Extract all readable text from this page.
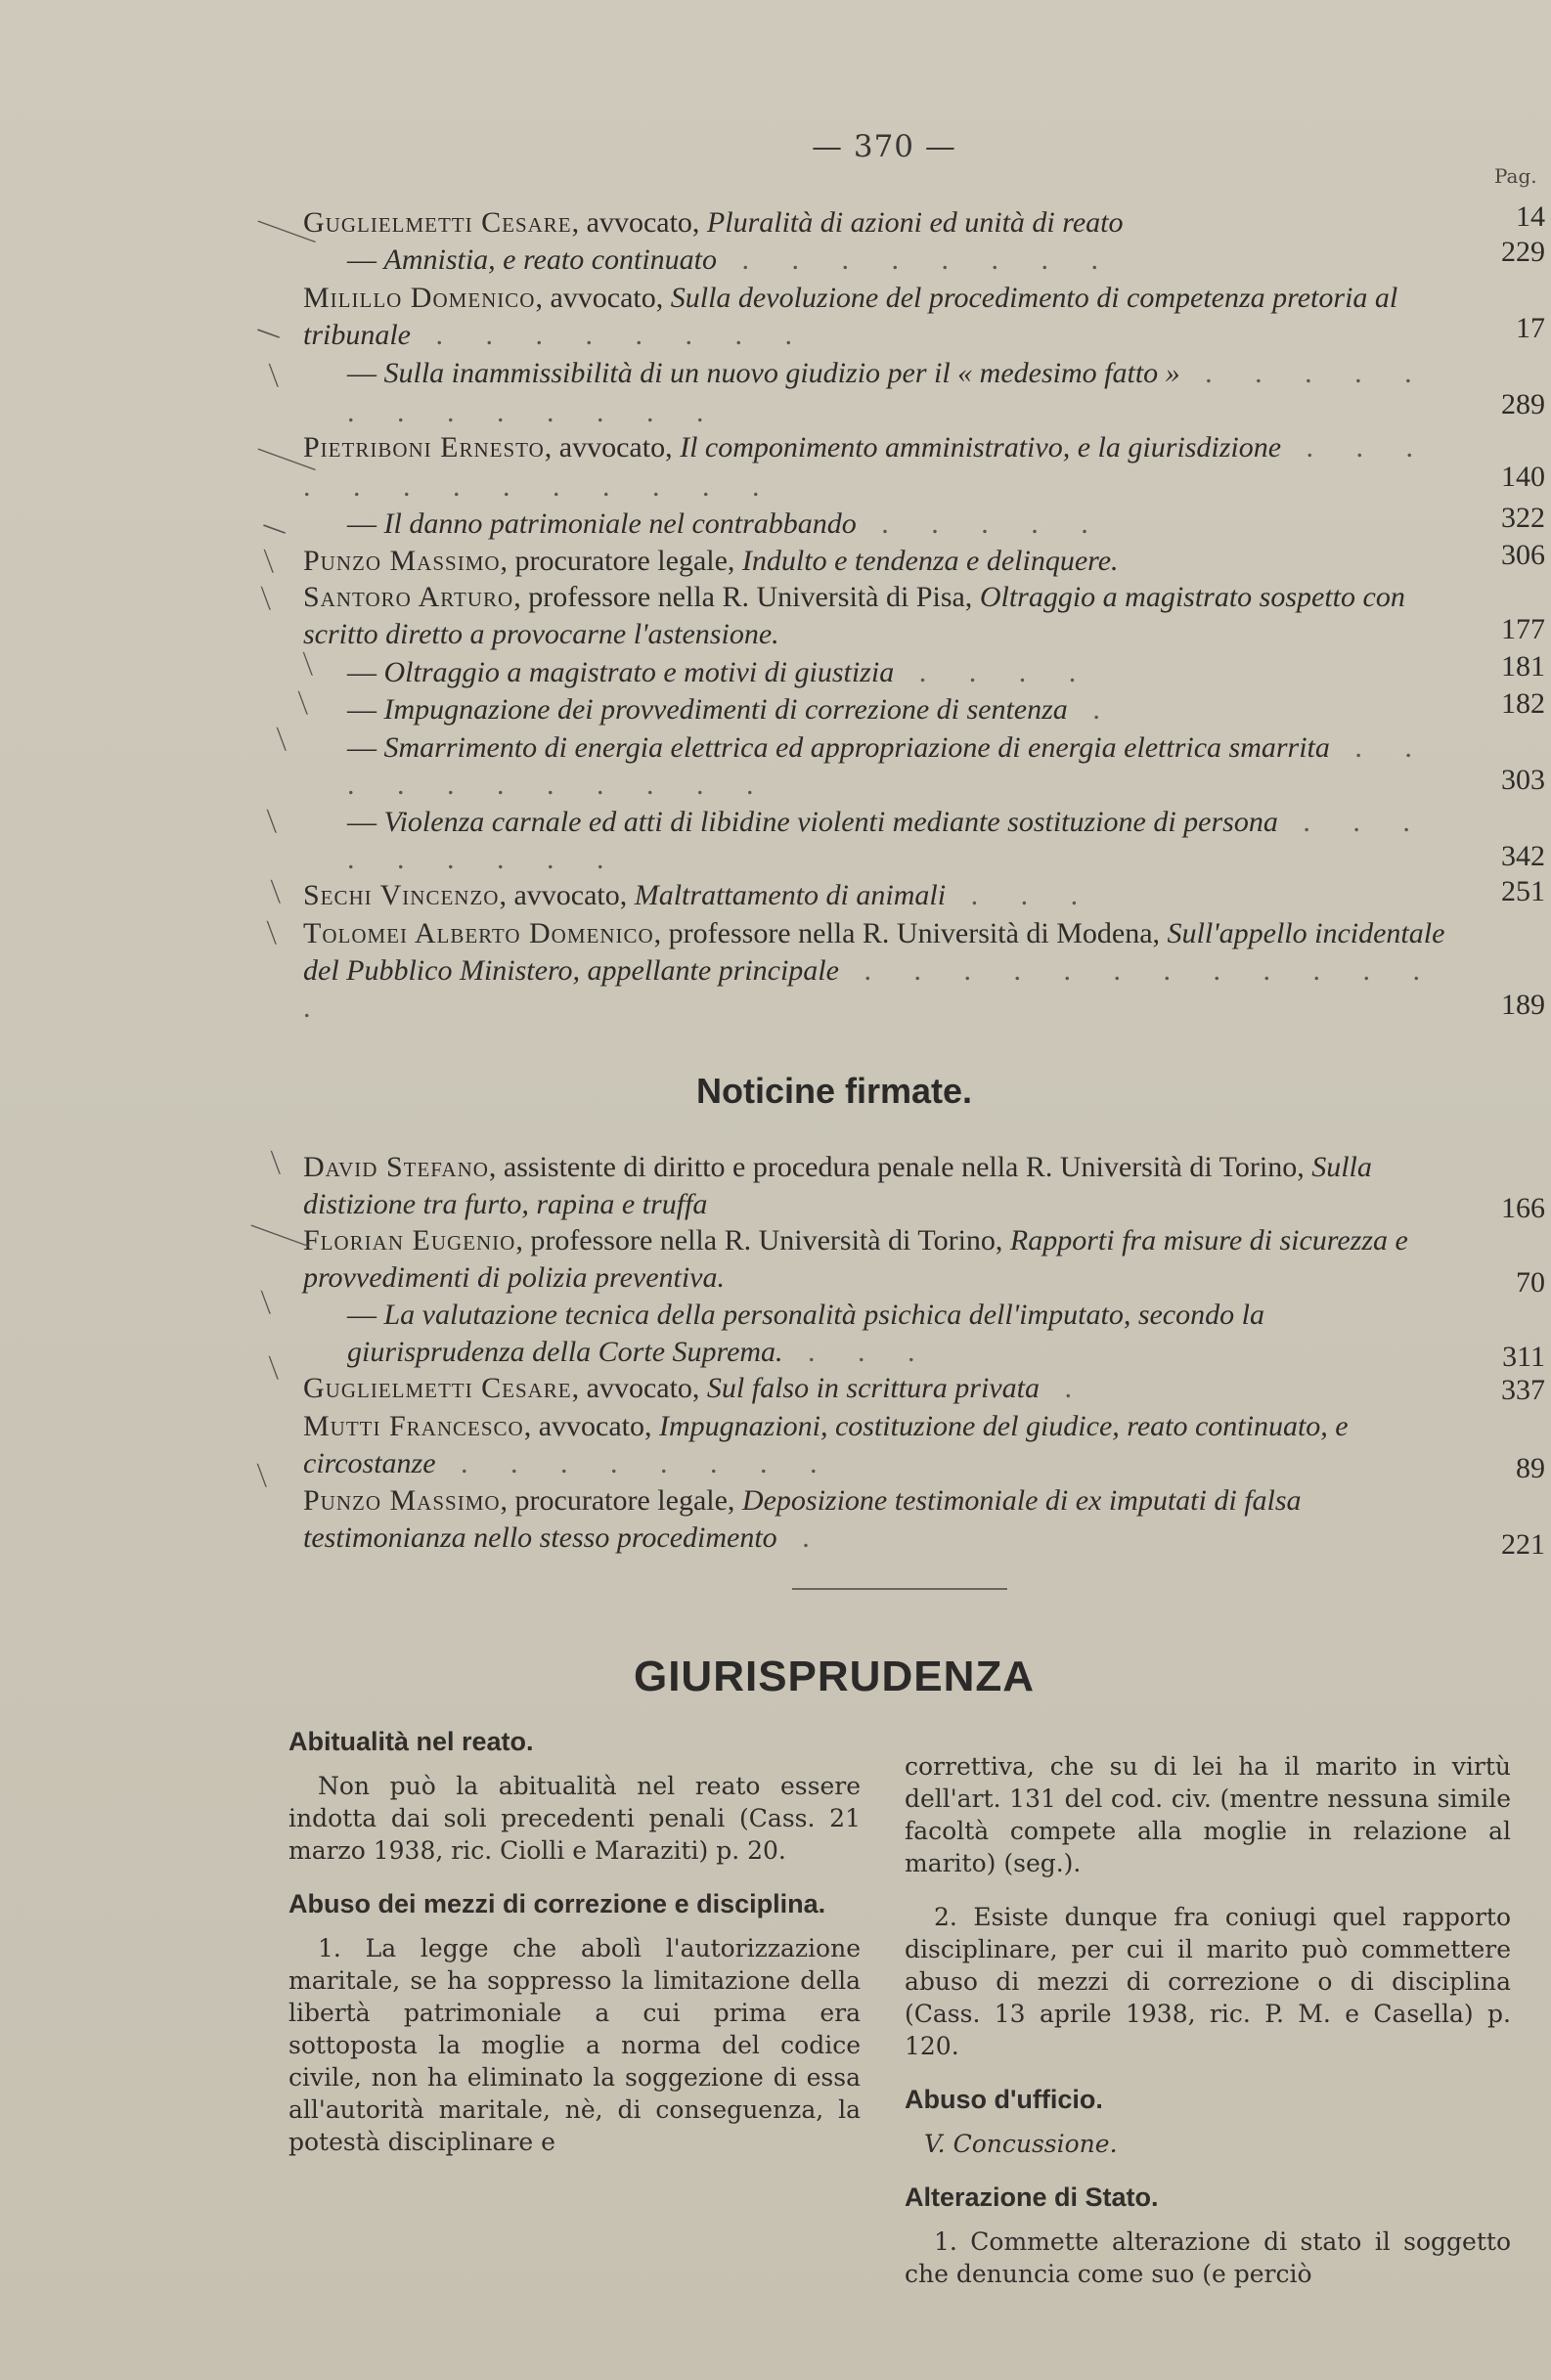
— 370 —
Pag.
Guglielmetti Cesare, avvocato, Pluralità di azioni ed unità di reato	14
— Amnistia, e reato continuato . . . . . . . .	229
Milillo Domenico, avvocato, Sulla devoluzione del procedimento di competenza pretoria al tribunale . . . . . . . .	17
— Sulla inammissibilità di un nuovo giudizio per il « medesimo fatto » . . . . . . . . . . . . .	289
Pietriboni Ernesto, avvocato, Il componimento amministrativo, e la giurisdizione . . . . . . . . . . . . .	140
— Il danno patrimoniale nel contrabbando . . . . .	322
Punzo Massimo, procuratore legale, Indulto e tendenza e delinquere.	306
Santoro Arturo, professore nella R. Università di Pisa, Oltraggio a magistrato sospetto con scritto diretto a provocarne l'astensione.	177
— Oltraggio a magistrato e motivi di giustizia . . . .	181
— Impugnazione dei provvedimenti di correzione di sentenza .	182
— Smarrimento di energia elettrica ed appropriazione di energia elettrica smarrita . . . . . . . . . . .	303
— Violenza carnale ed atti di libidine violenti mediante sostituzione di persona . . . . . . . . .	342
Sechi Vincenzo, avvocato, Maltrattamento di animali . . .	251
Tolomei Alberto Domenico, professore nella R. Università di Modena, Sull'appello incidentale del Pubblico Ministero, appellante principale . . . . . . . . . . . . .	189
⸻
—
⟍
⸻
—
⟍
⟍
⟍
⟍
⟍
⟍
⟍
⟍
Noticine firmate.
David Stefano, assistente di diritto e procedura penale nella R. Università di Torino, Sulla distizione tra furto, rapina e truffa	166
Florian Eugenio, professore nella R. Università di Torino, Rapporti fra misure di sicurezza e provvedimenti di polizia preventiva.	70
— La valutazione tecnica della personalità psichica dell'imputato, secondo la giurisprudenza della Corte Suprema. . . .	311
Guglielmetti Cesare, avvocato, Sul falso in scrittura privata .	337
Mutti Francesco, avvocato, Impugnazioni, costituzione del giudice, reato continuato, e circostanze . . . . . . . .	89
Punzo Massimo, procuratore legale, Deposizione testimoniale di ex imputati di falsa testimonianza nello stesso procedimento .	221
⟍
⸻
⟍
⟍
⟍
GIURISPRUDENZA
Abitualità nel reato.

Non può la abitualità nel reato essere indotta dai soli precedenti penali (Cass. 21 marzo 1938, ric. Ciolli e Maraziti) p. 20.

Abuso dei mezzi di correzione e disciplina.

1. La legge che abolì l'autorizzazione maritale, se ha soppresso la limitazione della libertà patrimoniale a cui prima era sottoposta la moglie a norma del codice civile, non ha eliminato la soggezione di essa all'autorità maritale, nè, di conseguenza, la potestà disciplinare e

correttiva, che su di lei ha il marito in virtù dell'art. 131 del cod. civ. (mentre nessuna simile facoltà compete alla moglie in relazione al marito) (seg.).

2. Esiste dunque fra coniugi quel rapporto disciplinare, per cui il marito può commettere abuso di mezzi di correzione o di disciplina (Cass. 13 aprile 1938, ric. P. M. e Casella) p. 120.

Abuso d'ufficio.

V. Concussione.

Alterazione di Stato.

1. Commette alterazione di stato il soggetto che denuncia come suo (e perciò
